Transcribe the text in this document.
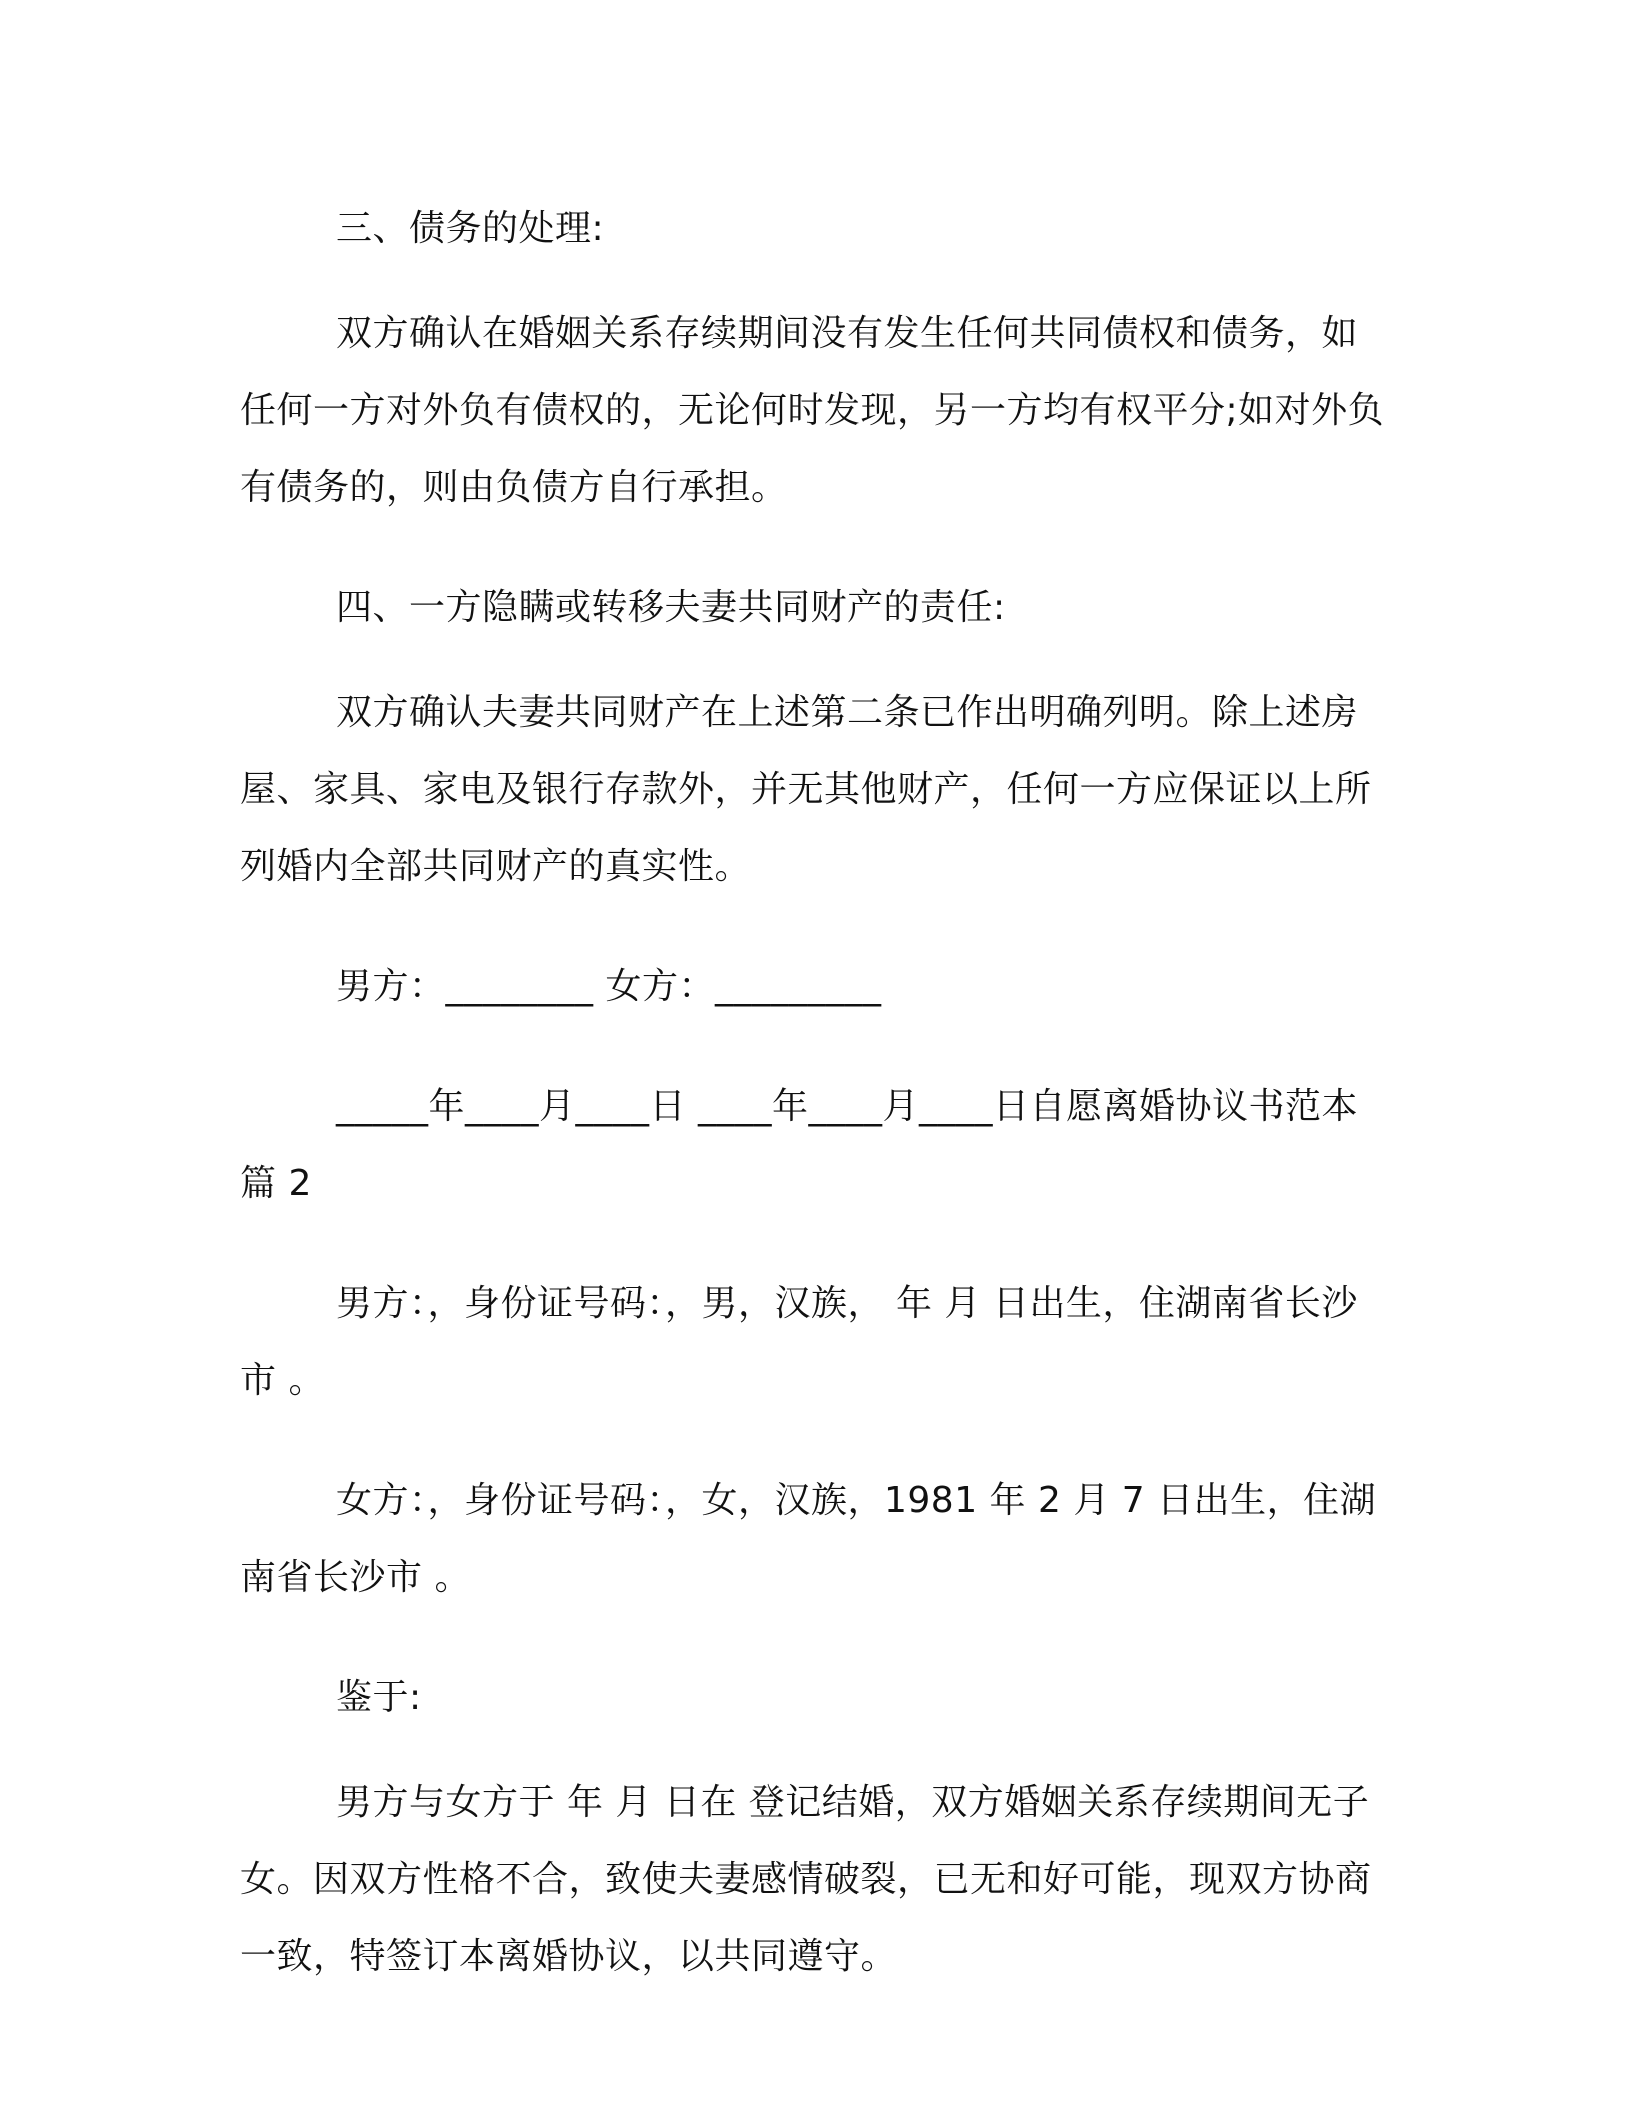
三、债务的处理:

双方确认在婚姻关系存续期间没有发生任何共同债权和债务，如任何一方对外负有债权的，无论何时发现，另一方均有权平分;如对外负有债务的，则由负债方自行承担。

四、一方隐瞒或转移夫妻共同财产的责任:

双方确认夫妻共同财产在上述第二条已作出明确列明。除上述房屋、家具、家电及银行存款外，并无其他财产，任何一方应保证以上所列婚内全部共同财产的真实性。

男方：________ 女方：_________

_____年____月____日 ____年____月____日自愿离婚协议书范本 篇 2

男方：，身份证号码：，男，汉族， 年 月 日出生，住湖南省长沙市 。

女方：，身份证号码：，女，汉族，1981 年 2 月 7 日出生，住湖南省长沙市 。

鉴于:

男方与女方于 年 月 日在 登记结婚，双方婚姻关系存续期间无子女。因双方性格不合，致使夫妻感情破裂，已无和好可能，现双方协商一致，特签订本离婚协议，以共同遵守。
